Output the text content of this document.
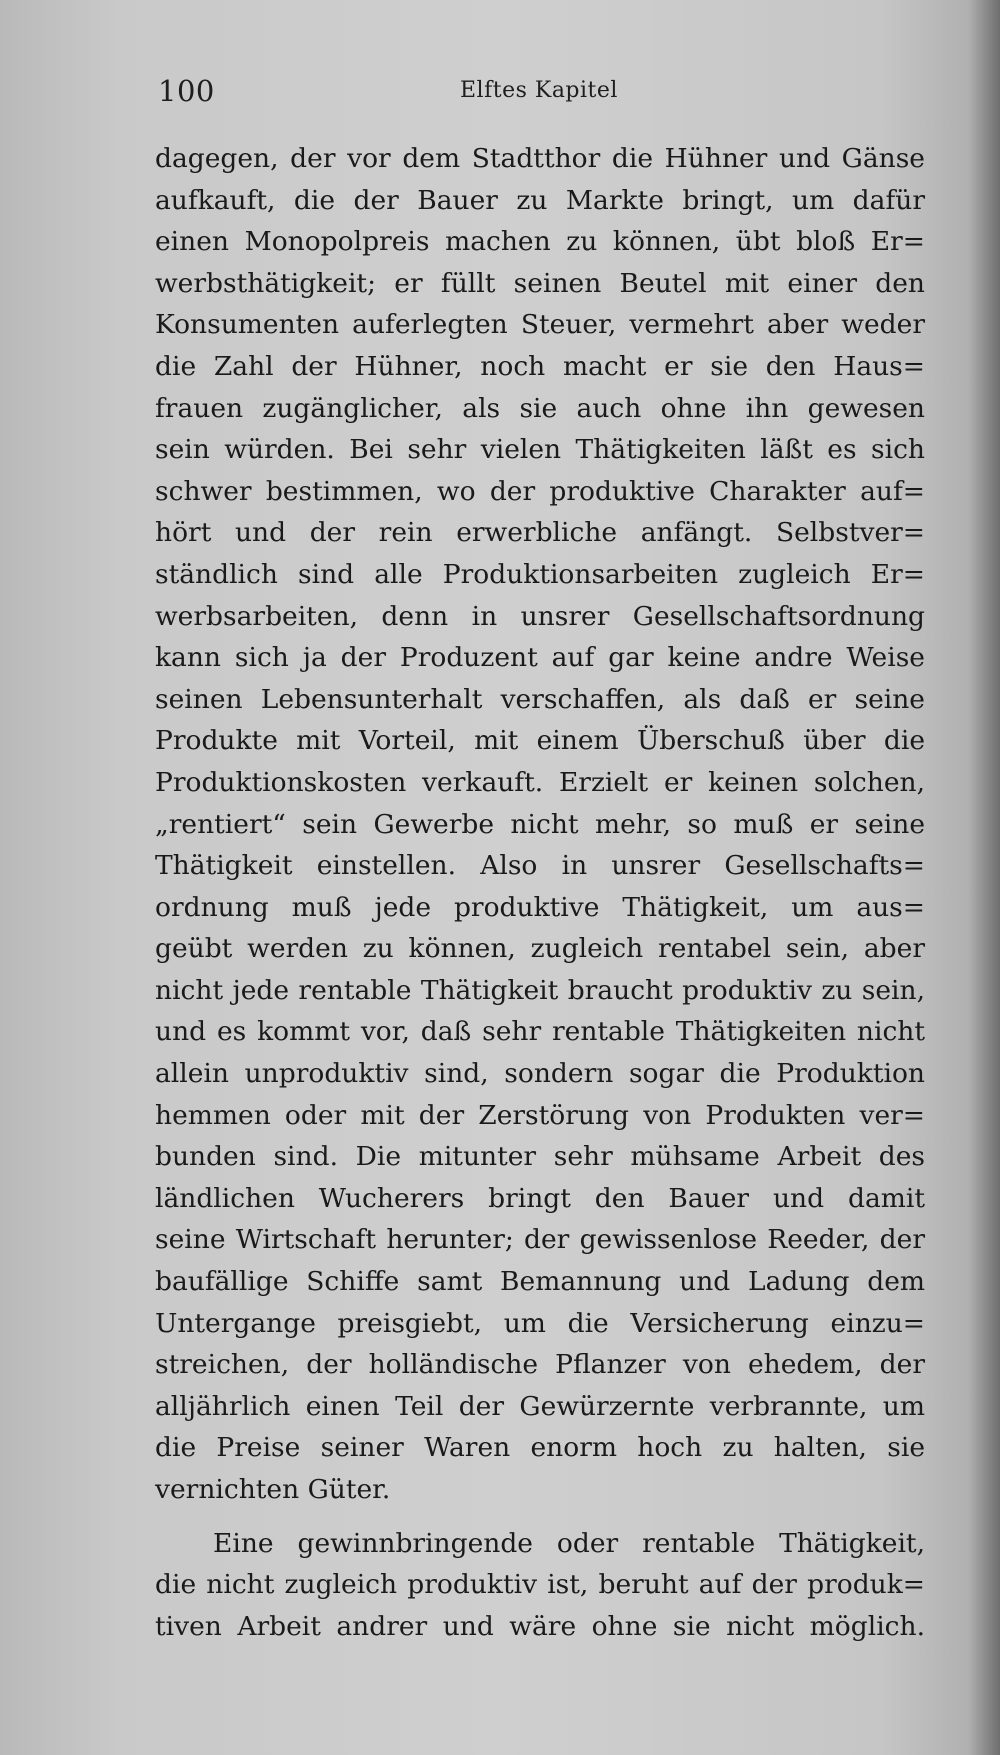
100	Elftes Kapitel
dagegen, der vor dem Stadtthor die Hühner und Gänse
aufkauft, die der Bauer zu Markte bringt, um dafür
einen Monopolpreis machen zu können, übt bloß Er=
werbsthätigkeit; er füllt seinen Beutel mit einer den
Konsumenten auferlegten Steuer, vermehrt aber weder
die Zahl der Hühner, noch macht er sie den Haus=
frauen zugänglicher, als sie auch ohne ihn gewesen
sein würden. Bei sehr vielen Thätigkeiten läßt es sich
schwer bestimmen, wo der produktive Charakter auf=
hört und der rein erwerbliche anfängt. Selbstver=
ständlich sind alle Produktionsarbeiten zugleich Er=
werbsarbeiten, denn in unsrer Gesellschaftsordnung
kann sich ja der Produzent auf gar keine andre Weise
seinen Lebensunterhalt verschaffen, als daß er seine
Produkte mit Vorteil, mit einem Überschuß über die
Produktionskosten verkauft. Erzielt er keinen solchen,
„rentiert“ sein Gewerbe nicht mehr, so muß er seine
Thätigkeit einstellen. Also in unsrer Gesellschafts=
ordnung muß jede produktive Thätigkeit, um aus=
geübt werden zu können, zugleich rentabel sein, aber
nicht jede rentable Thätigkeit braucht produktiv zu sein,
und es kommt vor, daß sehr rentable Thätigkeiten nicht
allein unproduktiv sind, sondern sogar die Produktion
hemmen oder mit der Zerstörung von Produkten ver=
bunden sind. Die mitunter sehr mühsame Arbeit des
ländlichen Wucherers bringt den Bauer und damit
seine Wirtschaft herunter; der gewissenlose Reeder, der
baufällige Schiffe samt Bemannung und Ladung dem
Untergange preisgiebt, um die Versicherung einzu=
streichen, der holländische Pflanzer von ehedem, der
alljährlich einen Teil der Gewürzernte verbrannte, um
die Preise seiner Waren enorm hoch zu halten, sie
vernichten Güter.
Eine gewinnbringende oder rentable Thätigkeit,
die nicht zugleich produktiv ist, beruht auf der produk=
tiven Arbeit andrer und wäre ohne sie nicht möglich.
